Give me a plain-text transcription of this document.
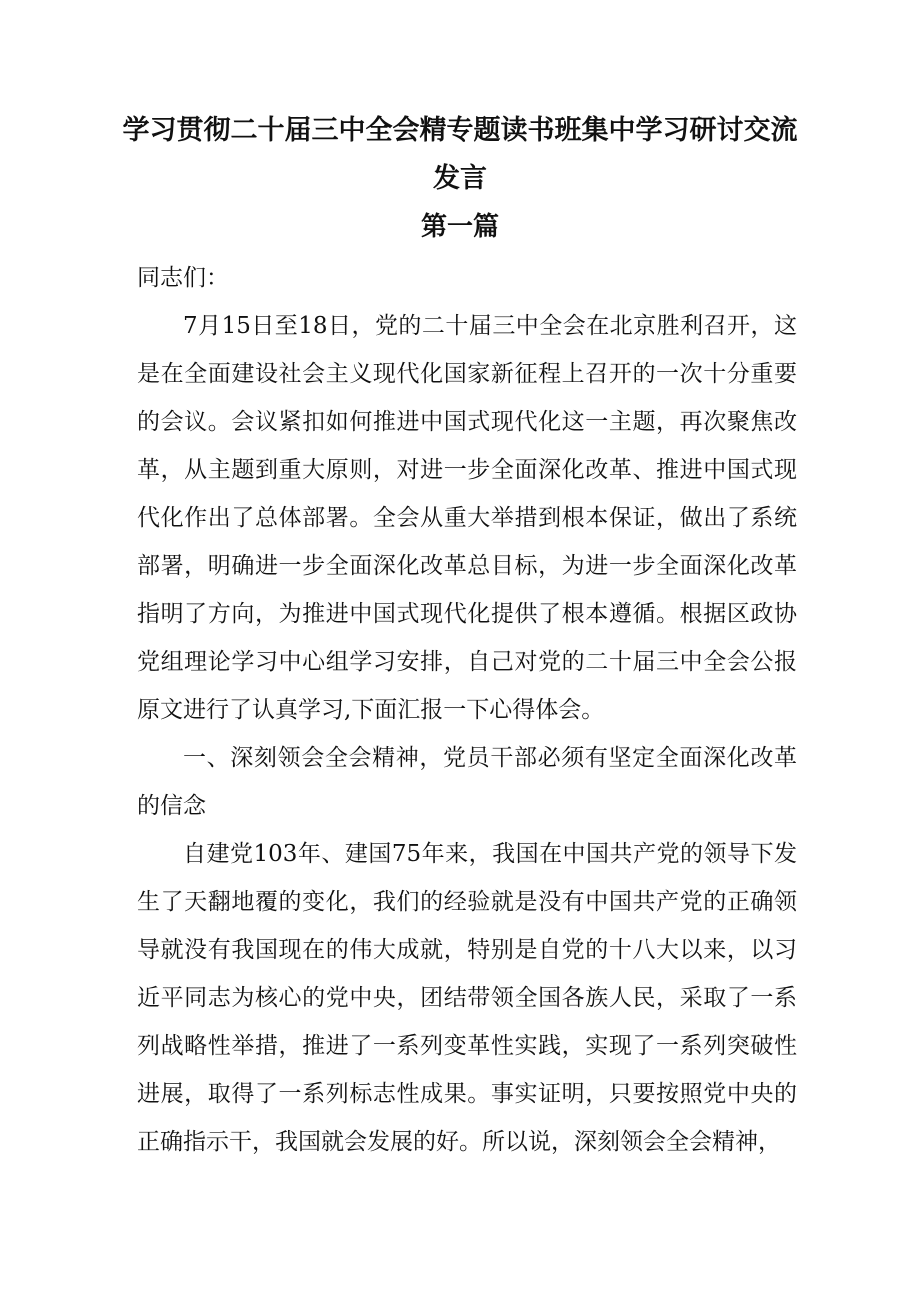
学习贯彻二十届三中全会精专题读书班集中学习研讨交流
发言
第一篇

同志们：

7月15日至18日，党的二十届三中全会在北京胜利召开，这是在全面建设社会主义现代化国家新征程上召开的一次十分重要的会议。会议紧扣如何推进中国式现代化这一主题，再次聚焦改革，从主题到重大原则，对进一步全面深化改革、推进中国式现代化作出了总体部署。全会从重大举措到根本保证，做出了系统部署，明确进一步全面深化改革总目标，为进一步全面深化改革指明了方向，为推进中国式现代化提供了根本遵循。根据区政协党组理论学习中心组学习安排，自己对党的二十届三中全会公报原文进行了认真学习,下面汇报一下心得体会。

一、深刻领会全会精神，党员干部必须有坚定全面深化改革的信念

自建党103年、建国75年来，我国在中国共产党的领导下发生了天翻地覆的变化，我们的经验就是没有中国共产党的正确领导就没有我国现在的伟大成就，特别是自党的十八大以来，以习近平同志为核心的党中央，团结带领全国各族人民，采取了一系列战略性举措，推进了一系列变革性实践，实现了一系列突破性进展，取得了一系列标志性成果。事实证明，只要按照党中央的正确指示干，我国就会发展的好。所以说，深刻领会全会精神，
